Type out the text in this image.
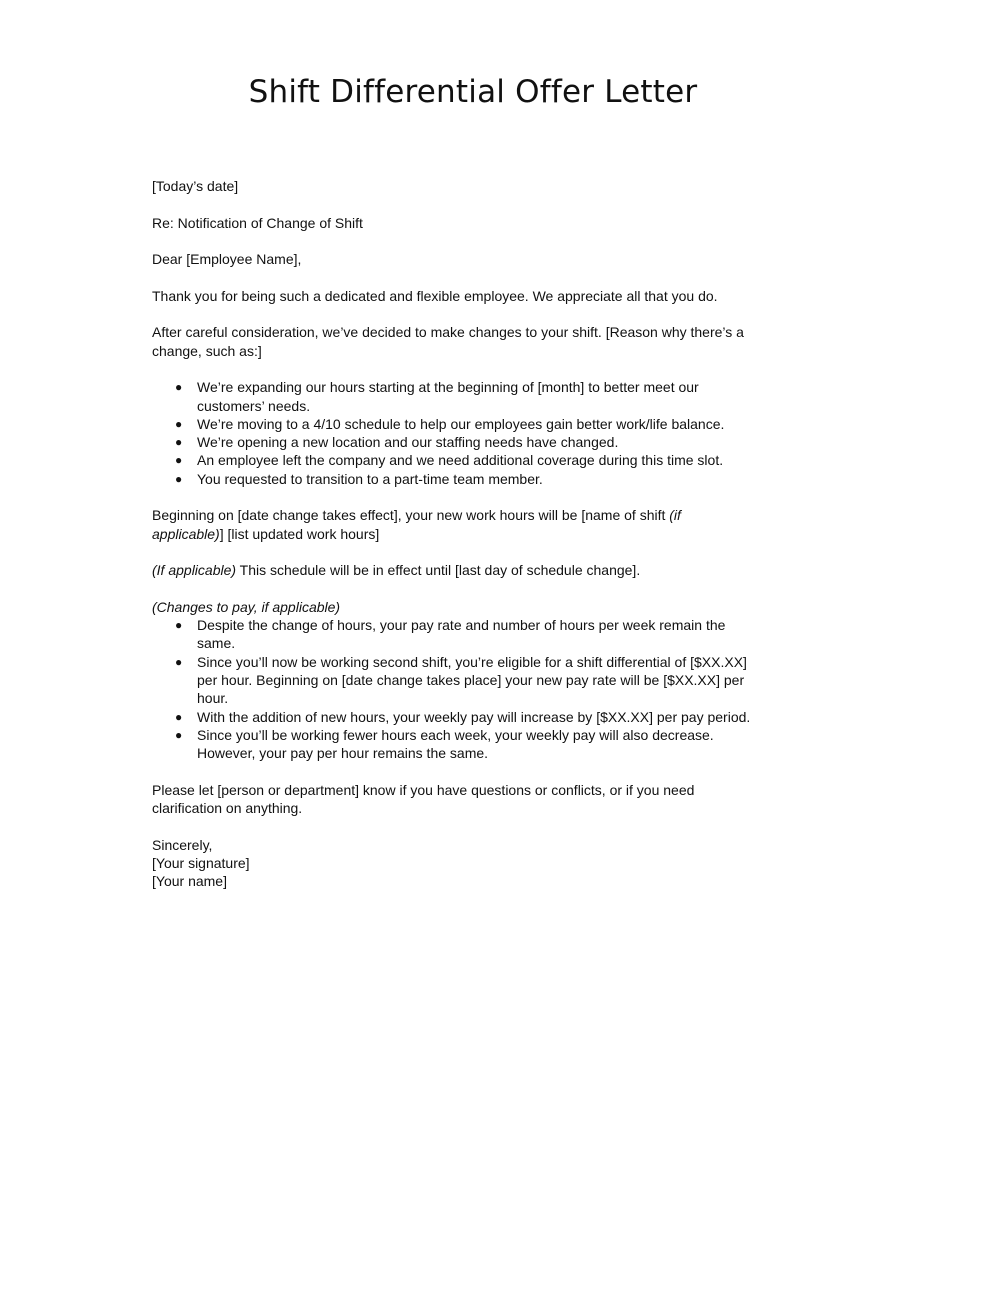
Shift Differential Offer Letter

[Today’s date]

Re: Notification of Change of Shift

Dear [Employee Name],

Thank you for being such a dedicated and flexible employee. We appreciate all that you do.

After careful consideration, we’ve decided to make changes to your shift. [Reason why there’s a change, such as:]

● We’re expanding our hours starting at the beginning of [month] to better meet our customers’ needs.
● We’re moving to a 4/10 schedule to help our employees gain better work/life balance.
● We’re opening a new location and our staffing needs have changed.
● An employee left the company and we need additional coverage during this time slot.
● You requested to transition to a part-time team member.

Beginning on [date change takes effect], your new work hours will be [name of shift (if applicable)] [list updated work hours]

(If applicable) This schedule will be in effect until [last day of schedule change].

(Changes to pay, if applicable)

● Despite the change of hours, your pay rate and number of hours per week remain the same.
● Since you’ll now be working second shift, you’re eligible for a shift differential of [$XX.XX] per hour. Beginning on [date change takes place] your new pay rate will be [$XX.XX] per hour.
● With the addition of new hours, your weekly pay will increase by [$XX.XX] per pay period.
● Since you’ll be working fewer hours each week, your weekly pay will also decrease. However, your pay per hour remains the same.

Please let [person or department] know if you have questions or conflicts, or if you need clarification on anything.

Sincerely,

[Your signature]

[Your name]
